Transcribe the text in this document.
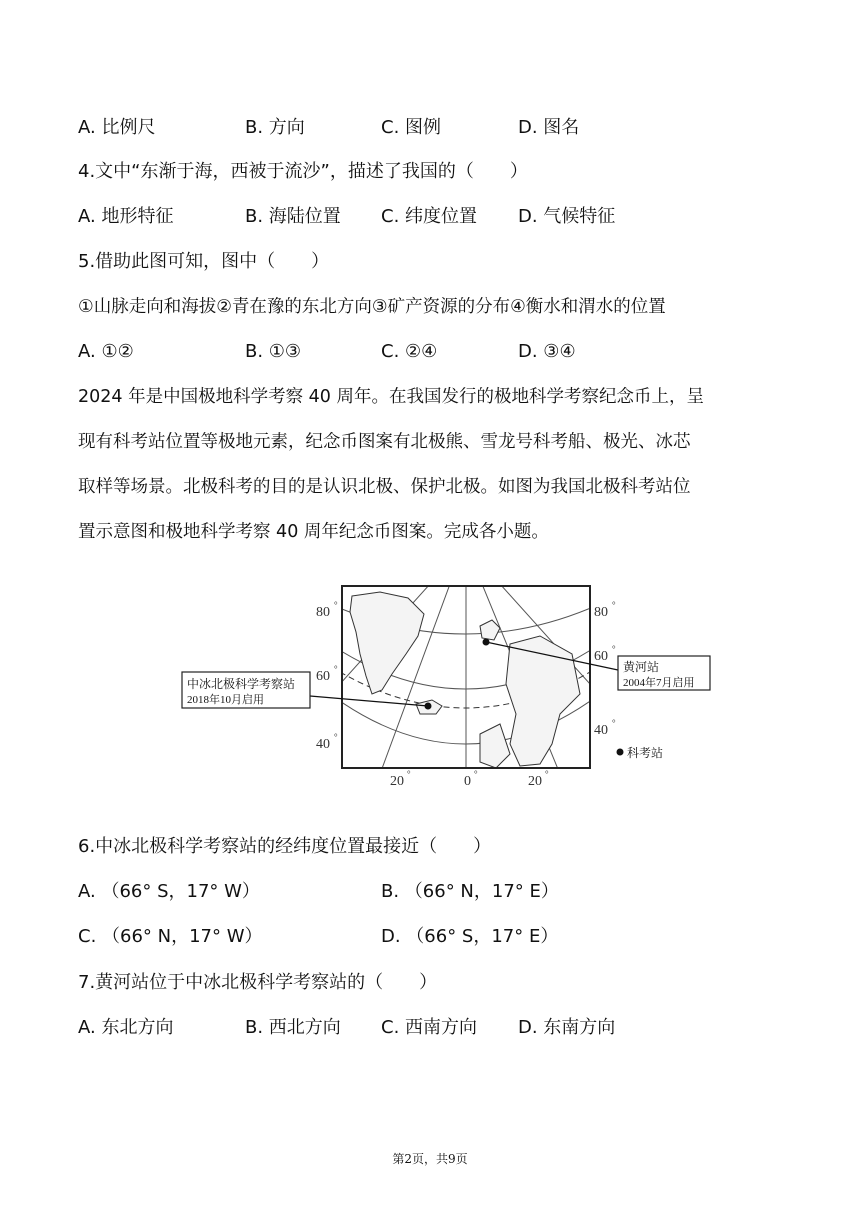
A. 比例尺	B. 方向	C. 图例	D. 图名
4.文中“东渐于海，西被于流沙”，描述了我国的（　　）
A. 地形特征	B. 海陆位置 C. 纬度位置 D. 气候特征
5.借助此图可知，图中（　　）
①山脉走向和海拔②青在豫的东北方向③矿产资源的分布④衡水和渭水的位置
A. ①②	B. ①③	C. ②④	D. ③④
2024 年是中国极地科学考察 40 周年。在我国发行的极地科学考察纪念币上，呈
现有科考站位置等极地元素，纪念币图案有北极熊、雪龙号科考船、极光、冰芯
取样等场景。北极科考的目的是认识北极、保护北极。如图为我国北极科考站位
置示意图和极地科学考察 40 周年纪念币图案。完成各小题。
中冰北极科学考察站
2018年10月启用
黄河站
2004年7月启用
80
60
40
80
60
40
°
°
°
°
°
°
20	0	20
°	°	°
科考站
6.中冰北极科学考察站的经纬度位置最接近（　　）
A. （66° S，17° W）	B. （66° N，17° E）
C. （66° N，17° W）	D. （66° S，17° E）
7.黄河站位于中冰北极科学考察站的（　　）
A. 东北方向	B. 西北方向 C. 西南方向 D. 东南方向
第2页，共9页
